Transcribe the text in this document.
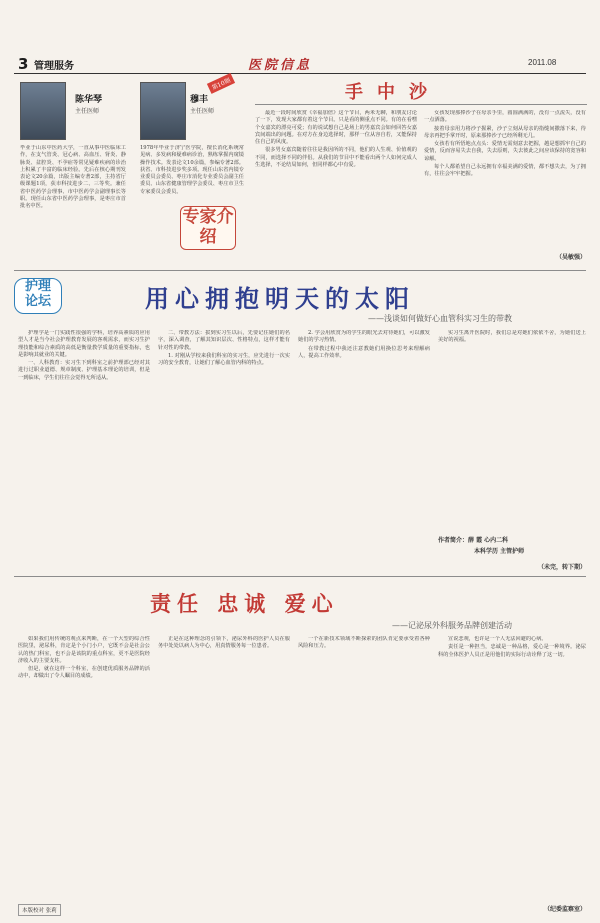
3 管理服务	医院信息	2011.08
陈华琴
主任医师
毕业于山东中医药大学，一直从事中医临床工作，在支气管炎、冠心病、高血压、肾炎、静脉炎、盆腔炎、不孕症等常见疑难疾病的诊治上积累了丰富的临床经验。先后在核心期刊发表论文20余篇，出版主编专著2部，主持省厅级课题1项，获市科技进步二、三等奖。兼任省中医药学会理事、市中医药学会副理事长等职。现任山东省中医药学会理事，是枣庄市首批名中医。
第10期
穆丰
主任医师
1978年毕业于济宁医学院，擅长消化系统常见病、多发病和疑难病诊治，熟练掌握内窥镜操作技术。发表论文10余篇，参编专著2部。获省、市科技进步奖多项。现任山东省内镜专业委员会委员、枣庄市消化专业委员会副主任委员、山东省健康管理学会委员、枣庄市卫生专家委员会委员。
专家介绍
手中沙

最近一段时间欣赏《幸福加倍》这个节目，两米无聊，和朋友讨论了一下，发现大家都有着这个节目。只是看的侧重点不同。有的在看嘿个女嘉宾的漂亮可爱；有的说试想自己是场上的男嘉宾会如何回答女嘉宾间端出的问题。在对方在身边选择时，那样一位从容自若，又能保持住自己的风度。

很多男女嘉宾随着往往是我因所的不同，他们的人生观、价值观的不同，而选择不同的伴侣。从我们的节目中不能看出两个人如何完成人生选择，不论结局如何，但同样都心中有爱。

女孩发现那捧沙子在母亲手里，圆圆满满的，没有一点流失，没有一点洒落。

接着母亲用力将沙子握紧，沙子立刻从母亲的指缝间撒落下来，待母亲再把手掌开时，原来那捧沙子已经所剩无几。

女孩若有所悟地点点头：爱情无需刻意去把握，越是想抓牢自己的爱情，反而容易失去自我，失去原则，失去彼此之间应该保持的宽容和谅解。

每个人都希望自己永远拥有幸福美满的爱情，都不想失去，为了拥有，往往会牢牢把握。

（吴敏强）
护理
论坛	用心拥抱明天的太阳
——浅谈如何做好心血管科实习生的带教

护理学是一门实践性很强的学科，培养高素质的应用型人才是当今社会护理教育发展的客观需求，而实习生护理技能和综合素质的高低是衡量教学质量的重要指标，也是影响其就业的关键。

一、人科教育：实习生下到科室之前护理部已经对其进行过职业道德、规章制度、护理基本理论的培训，但是一到临床，学生们往往会觉得无所适从。

二、带教方法：拔到实习生以后，先要记住她们的名字，深入调查，了解其知识层次、性格特点，这样才能有针对性的带教。

1. 对刚从学校来我们科室的实习生，应先进行一次实习的安全教育，让她们了解心血管内科的特点。

2. 学会用欣赏为的学生的眼光去对待她们，可以激发她们的学习热情。

在带教过程中我还注意教她们用换位思考来理解病人，提高工作效率。

实习生离开医院时，我们总是对她们依依不舍，为她们送上美好的祝福。

作者简介：薛 霞 心内二科
本科学历 主管护师
（未完，转下期）
责任 忠诚 爱心
——记泌尿外科服务品牌创建活动

如果我们用传统的观点来判断，在一个大型的综合性医院里，泌尿科，肯定是个小门小户，它既不会是社会公认的热门科室，也不会是该院的重点科室，更不是医院经济收入的主要支柱。

但是，就在这样一个科室，在创建优质服务品牌的活动中，却做出了令人瞩目的成绩。

正是在这种理念的引领下，泌尿外科的医护人员在服务中处处以病人为中心，用真情服务每一位患者。

一个在新技术领域不断探索的团队肯定要承受着各种风险和压力。

宣说悲观，也许是一个人无法回避的心病。

责任是一种担当，忠诚是一种品格，爱心是一种境界。泌尿科的全体医护人员正是用他们的实际行动诠释了这一切。

（纪委监察室）
本版校对 张莉
